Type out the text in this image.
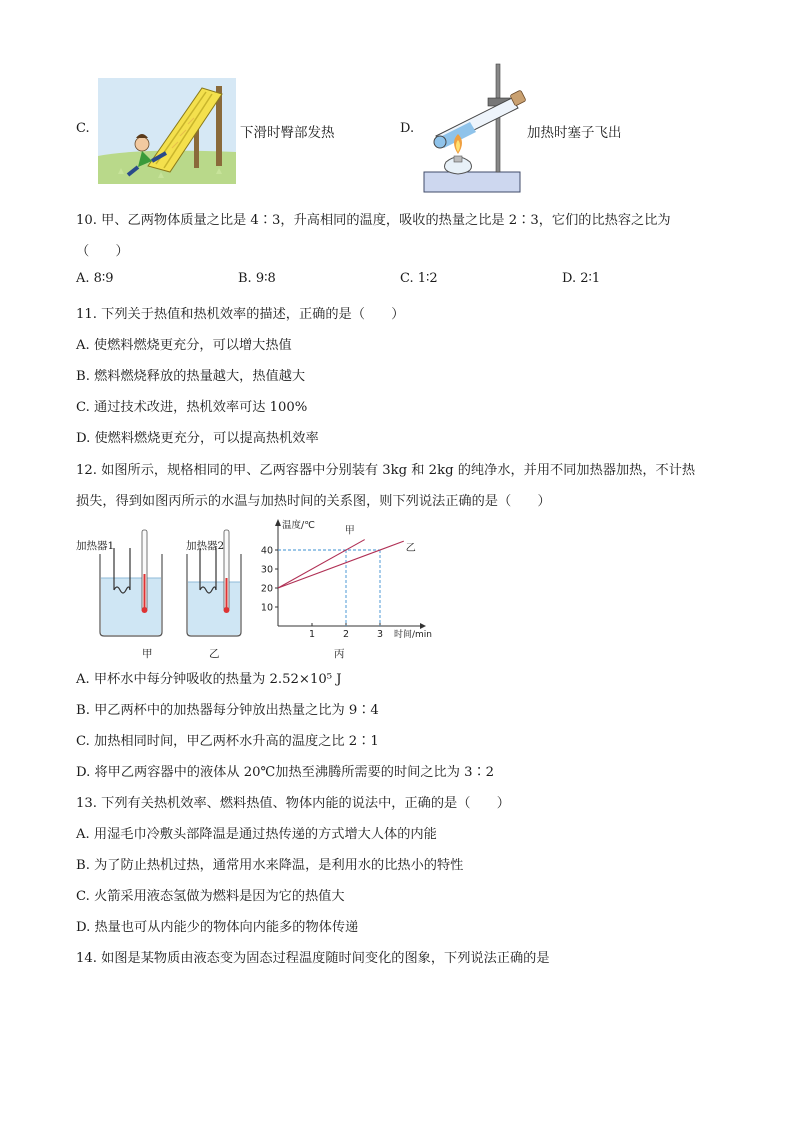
C.	下滑时臀部发热	D.	加热时塞子飞出
10. 甲、乙两物体质量之比是 4∶3，升高相同的温度，吸收的热量之比是 2∶3，它们的比热容之比为
（　　）
A. 8∶9	B. 9∶8	C. 1∶2	D. 2∶1
11. 下列关于热值和热机效率的描述，正确的是（　　）
A. 使燃料燃烧更充分，可以增大热值
B. 燃料燃烧释放的热量越大，热值越大
C. 通过技术改进，热机效率可达 100%
D. 使燃料燃烧更充分，可以提高热机效率
12. 如图所示，规格相同的甲、乙两容器中分别装有 3kg 和 2kg 的纯净水，并用不同加热器加热，不计热
损失，得到如图丙所示的水温与加热时间的关系图，则下列说法正确的是（　　）
加热器1
甲
加热器2
乙
温度/℃
时间/min
10
20
30
40
1	2	3
甲
乙
丙
A. 甲杯水中每分钟吸收的热量为 2.52×10⁵ J
B. 甲乙两杯中的加热器每分钟放出热量之比为 9∶4
C. 加热相同时间，甲乙两杯水升高的温度之比 2∶1
D. 将甲乙两容器中的液体从 20℃加热至沸腾所需要的时间之比为 3∶2
13. 下列有关热机效率、燃料热值、物体内能的说法中，正确的是（　　）
A. 用湿毛巾冷敷头部降温是通过热传递的方式增大人体的内能
B. 为了防止热机过热，通常用水来降温，是利用水的比热小的特性
C. 火箭采用液态氢做为燃料是因为它的热值大
D. 热量也可从内能少的物体向内能多的物体传递
14. 如图是某物质由液态变为固态过程温度随时间变化的图象，下列说法正确的是
